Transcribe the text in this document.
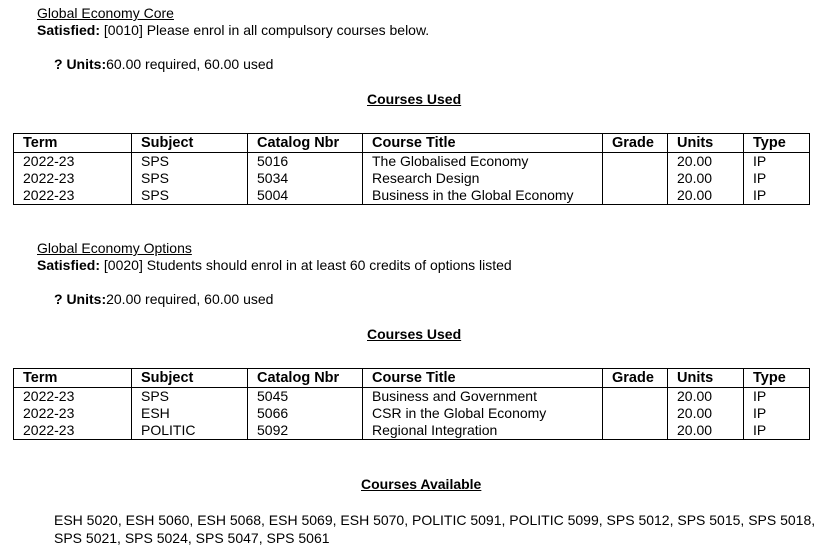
Global Economy Core
Satisfied: [0010] Please enrol in all compulsory courses below.
? Units:60.00 required, 60.00 used
Courses Used
Term	Subject	Catalog Nbr	Course Title	Grade	Units	Type
2022-23	SPS	5016	The Globalised Economy		20.00	IP
2022-23	SPS	5034	Research Design		20.00	IP
2022-23	SPS	5004	Business in the Global Economy		20.00	IP
Global Economy Options
Satisfied: [0020] Students should enrol in at least 60 credits of options listed
? Units:20.00 required, 60.00 used
Courses Used
Term	Subject	Catalog Nbr	Course Title	Grade	Units	Type
2022-23	SPS	5045	Business and Government		20.00	IP
2022-23	ESH	5066	CSR in the Global Economy		20.00	IP
2022-23	POLITIC	5092	Regional Integration		20.00	IP
Courses Available
ESH 5020, ESH 5060, ESH 5068, ESH 5069, ESH 5070, POLITIC 5091, POLITIC 5099, SPS 5012, SPS 5015, SPS 5018, SPS 5021, SPS 5024, SPS 5047, SPS 5061
